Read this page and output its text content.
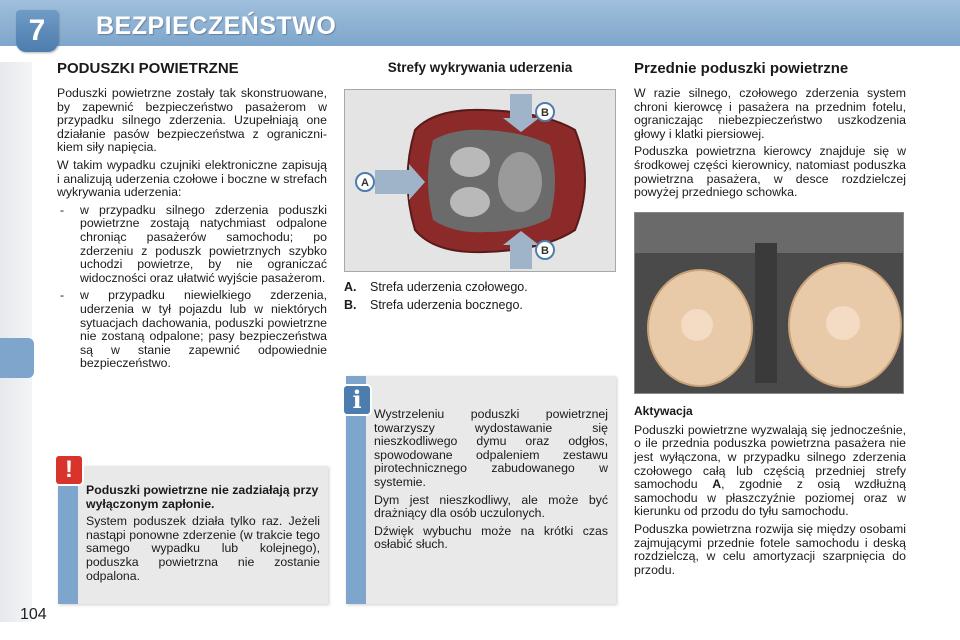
7	BEZPIECZEŃSTWO
104
PODUSZKI POWIETRZNE

Poduszki powietrzne zostały tak skonstruowane, by zapewnić bezpieczeństwo pasażerom w przypadku silnego zderzenia. Uzupełniają one działanie pasów bezpieczeństwa z ogranicznikiem siły napięcia.

W takim wypadku czujniki elektroniczne zapisują i analizują uderzenia czołowe i boczne w strefach wykrywania uderzenia:

- w przypadku silnego zderzenia poduszki powietrzne zostają natychmiast odpalone chroniąc pasażerów samochodu; po zderzeniu z poduszk powietrznych szybko uchodzi powietrze, by nie ograniczać widoczności oraz ułatwić wyjście pasażerom.
- w przypadku niewielkiego zderzenia, uderzenia w tył pojazdu lub w niektórych sytuacjach dachowania, poduszki powietrzne nie zostaną odpalone; pasy bezpieczeństwa są w stanie zapewnić odpowiednie bezpieczeństwo.
!

Poduszki powietrzne nie zadziałają przy wyłączonym zapłonie.

System poduszek działa tylko raz. Jeżeli nastąpi ponowne zderzenie (w trakcie tego samego wypadku lub kolejnego), poduszka powietrzna nie zostanie odpalona.

Strefy wykrywania uderzenia
A
B
B
A. Strefa uderzenia czołowego.
B. Strefa uderzenia bocznego.
i	Wystrzeleniu poduszki powietrznej towarzyszy wydostawanie się nieszkodliwego dymu oraz odgłos, spowodowane odpaleniem zestawu pirotechnicznego zabudowanego w systemie.

Dym jest nieszkodliwy, ale może być drażniący dla osób uczulonych.

Dźwięk wybuchu może na krótki czas osłabić słuch.

Przednie poduszki powietrzne

W razie silnego, czołowego zderzenia system chroni kierowcę i pasażera na przednim fotelu, ograniczając niebezpieczeństwo uszkodzenia głowy i klatki piersiowej.

Poduszka powietrzna kierowcy znajduje się w środkowej części kierownicy, natomiast poduszka powietrzna pasażera, w desce rozdzielczej powyżej przedniego schowka.

Aktywacja

Poduszki powietrzne wyzwalają się jednocześnie, o ile przednia poduszka powietrzna pasażera nie jest wyłączona, w przypadku silnego zderzenia czołowego całą lub częścią przedniej strefy samochodu A, zgodnie z osią wzdłużną samochodu w płaszczyźnie poziomej oraz w kierunku od przodu do tyłu samochodu.

Poduszka powietrzna rozwija się między osobami zajmującymi przednie fotele samochodu i deską rozdzielczą, w celu amortyzacji szarpnięcia do przodu.
